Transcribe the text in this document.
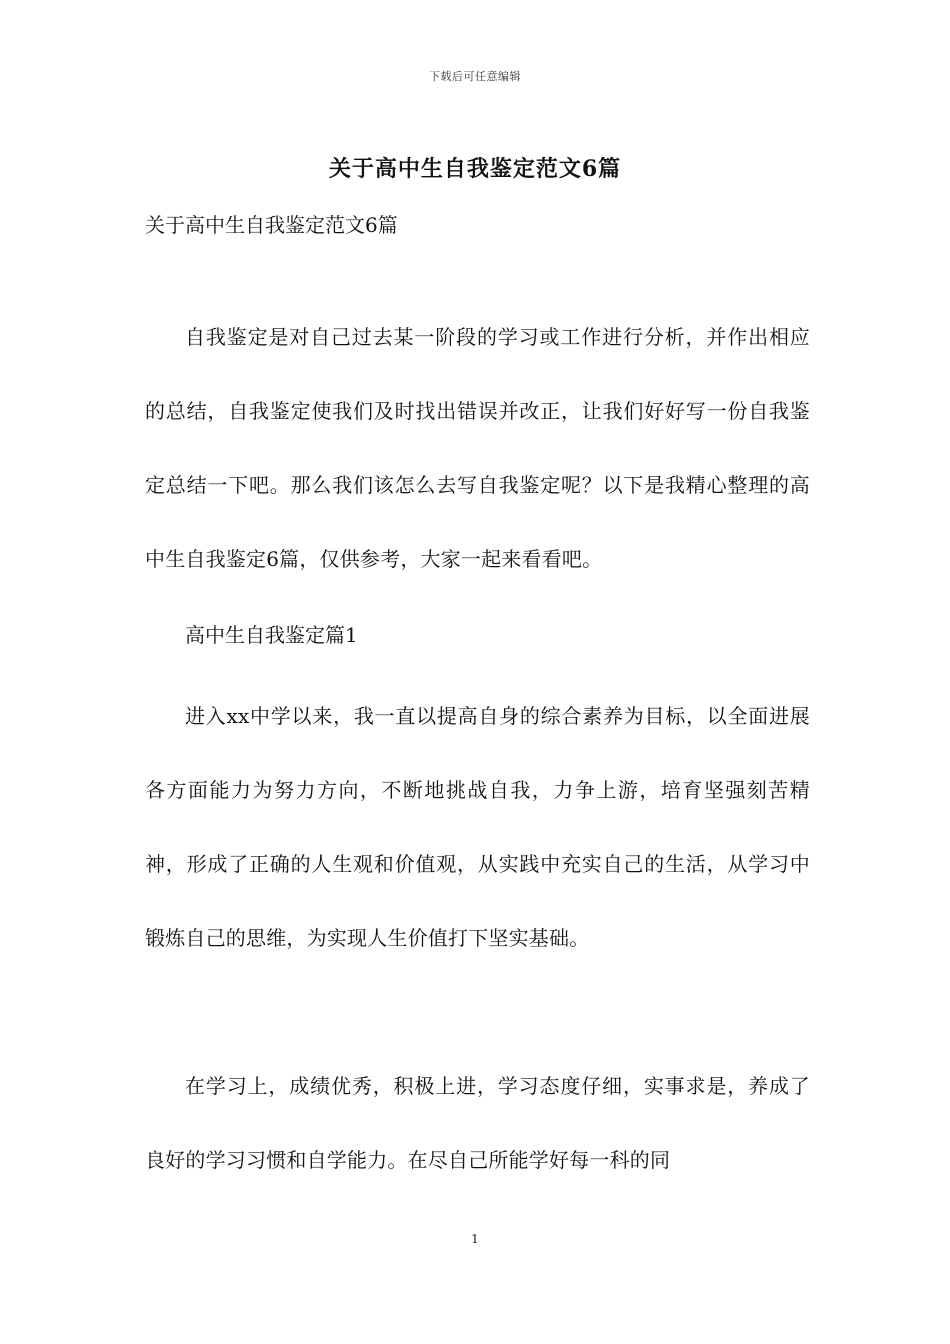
下载后可任意编辑
关于高中生自我鉴定范文6篇

关于高中生自我鉴定范文6篇

自我鉴定是对自己过去某一阶段的学习或工作进行分析，并作出相应的总结，自我鉴定使我们及时找出错误并改正，让我们好好写一份自我鉴定总结一下吧。那么我们该怎么去写自我鉴定呢？以下是我精心整理的高中生自我鉴定6篇，仅供参考，大家一起来看看吧。

高中生自我鉴定篇1

进入xx中学以来，我一直以提高自身的综合素养为目标，以全面进展各方面能力为努力方向，不断地挑战自我，力争上游，培育坚强刻苦精神，形成了正确的人生观和价值观，从实践中充实自己的生活，从学习中锻炼自己的思维，为实现人生价值打下坚实基础。

在学习上，成绩优秀，积极上进，学习态度仔细，实事求是，养成了良好的学习习惯和自学能力。在尽自己所能学好每一科的同

1
